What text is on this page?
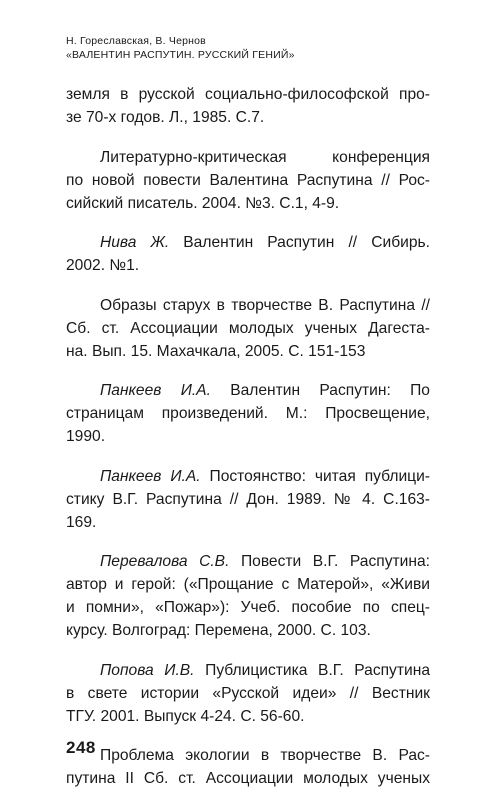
Н. Гореславская, В. Чернов
«ВАЛЕНТИН РАСПУТИН. РУССКИЙ ГЕНИЙ»
земля в русской социально-философской про-
зе 70-х годов. Л., 1985. С.7.
Литературно-критическая конференция
по новой повести Валентина Распутина // Рос-
сийский писатель. 2004. №3. С.1, 4-9.
Нива Ж. Валентин Распутин // Сибирь.
2002. №1.
Образы старух в творчестве В. Распутина //
Сб. ст. Ассоциации молодых ученых Дагеста-
на. Вып. 15. Махачкала, 2005. С. 151-153
Панкеев И.А. Валентин Распутин: По
страницам произведений. М.: Просвещение,
1990.
Панкеев И.А. Постоянство: читая публици-
стику В.Г. Распутина // Дон. 1989. № 4. С.163-
169.
Перевалова С.В. Повести В.Г. Распутина:
автор и герой: («Прощание с Матерой», «Живи
и помни», «Пожар»): Учеб. пособие по спец-
курсу. Волгоград: Перемена, 2000. С. 103.
Попова И.В. Публицистика В.Г. Распутина
в свете истории «Русской идеи» // Вестник
ТГУ. 2001. Выпуск 4-24. С. 56-60.
Проблема экологии в творчестве В. Рас-
путина II Сб. ст. Ассоциации молодых ученых
248
